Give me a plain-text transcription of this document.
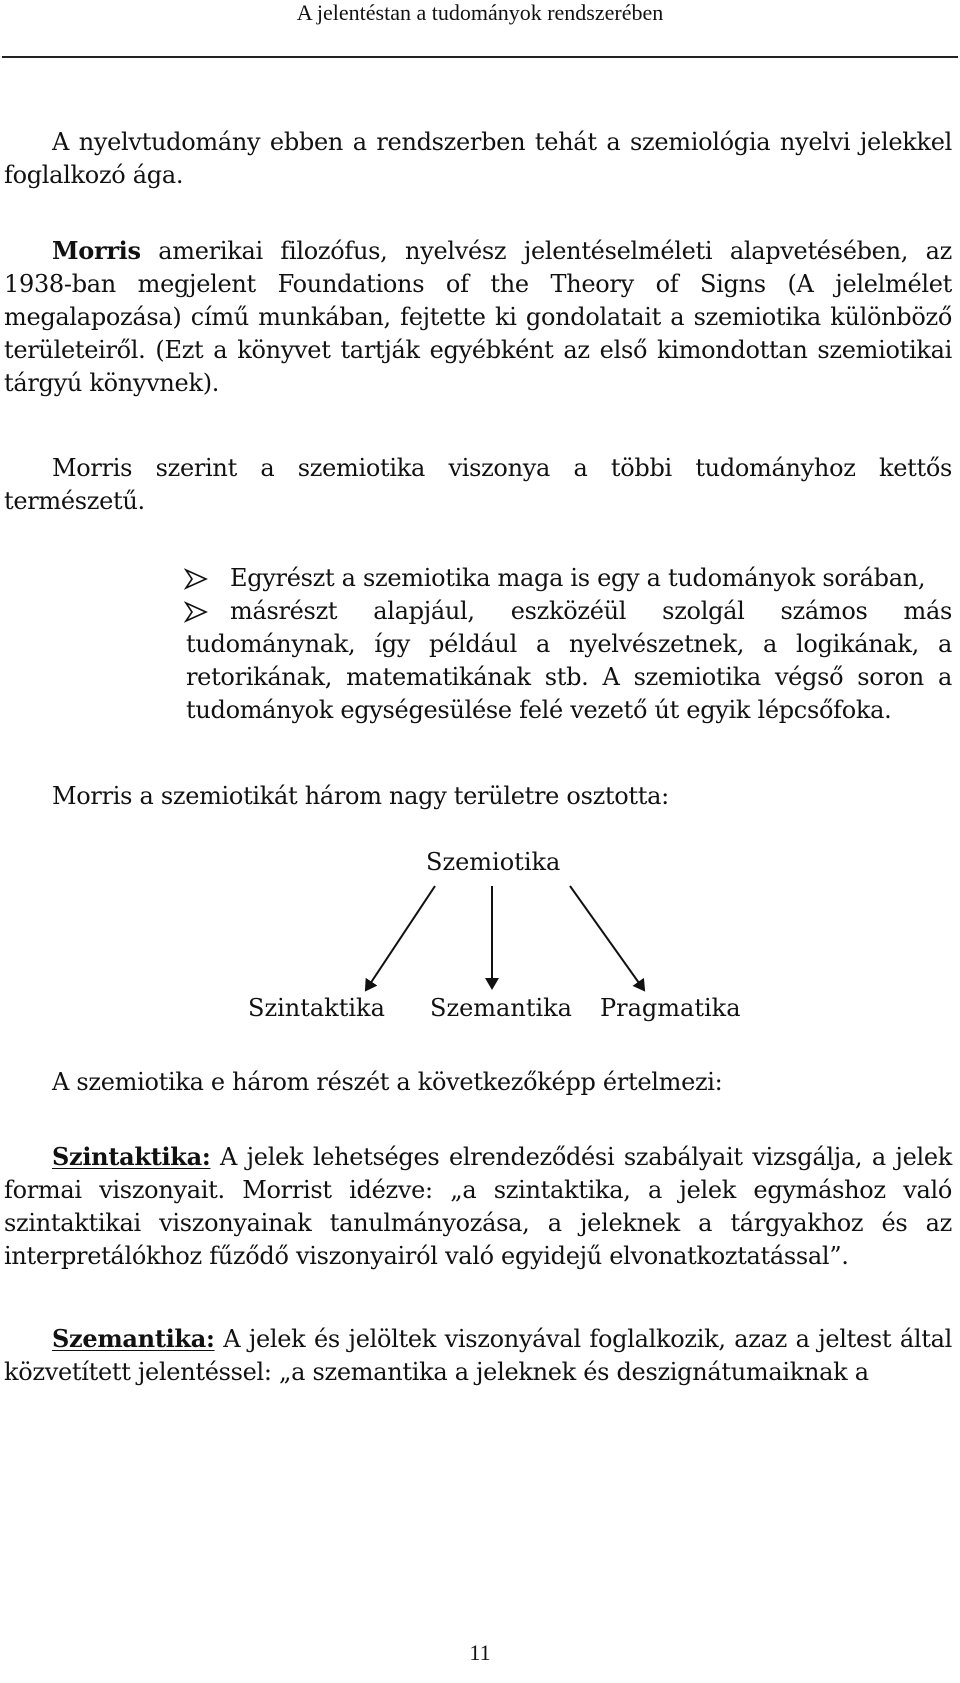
A jelentéstan a tudományok rendszerében
A nyelvtudomány ebben a rendszerben tehát a szemiológia nyelvi jelekkel foglalkozó ága.
Morris amerikai filozófus, nyelvész jelentéselméleti alapvetésében, az 1938-ban megjelent Foundations of the Theory of Signs (A jelelmélet megalapozása) című munkában, fejtette ki gondolatait a szemiotika különböző területeiről. (Ezt a könyvet tartják egyébként az első kimondottan szemiotikai tárgyú könyvnek).
Morris szerint a szemiotika viszonya a többi tudományhoz kettős természetű.
Egyrészt a szemiotika maga is egy a tudományok sorában,
másrészt alapjául, eszközéül szolgál számos más tudománynak, így például a nyelvészetnek, a logikának, a retorikának, matematikának stb. A szemiotika végső soron a tudományok egységesülése felé vezető út egyik lépcsőfoka.
Morris a szemiotikát három nagy területre osztotta:
Szemiotika
Szintaktika Szemantika Pragmatika
A szemiotika e három részét a következőképp értelmezi:
Szintaktika: A jelek lehetséges elrendeződési szabályait vizsgálja, a jelek formai viszonyait. Morrist idézve: „a szintaktika, a jelek egymáshoz való szintaktikai viszonyainak tanulmányozása, a jeleknek a tárgyakhoz és az interpretálókhoz fűződő viszonyairól való egyidejű elvonatkoztatással”.
Szemantika: A jelek és jelöltek viszonyával foglalkozik, azaz a jeltest által közvetített jelentéssel: „a szemantika a jeleknek és deszignátumaiknak a
11
